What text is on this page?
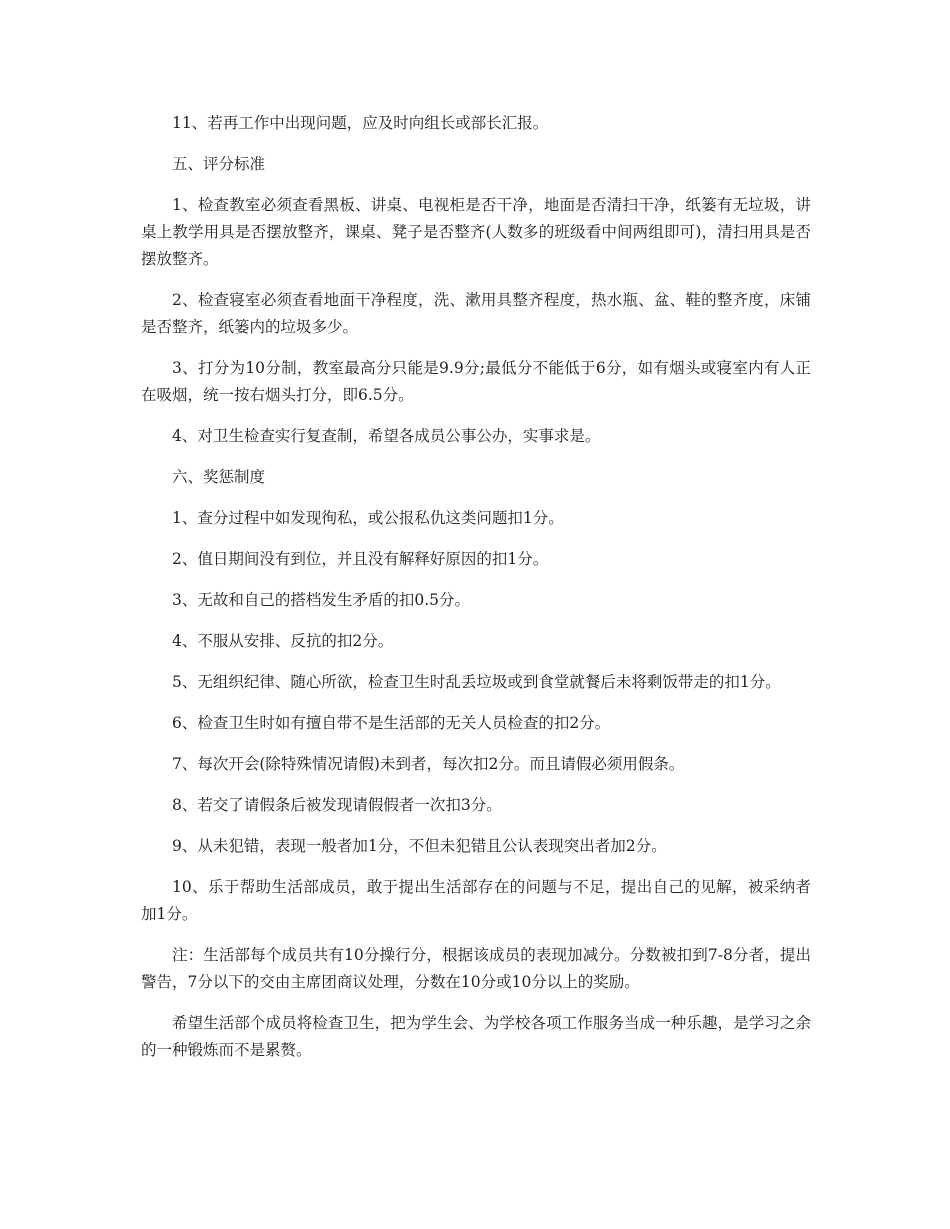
11、若再工作中出现问题，应及时向组长或部长汇报。

五、评分标准

1、检查教室必须查看黑板、讲桌、电视柜是否干净，地面是否清扫干净，纸篓有无垃圾，讲桌上教学用具是否摆放整齐，课桌、凳子是否整齐(人数多的班级看中间两组即可)，清扫用具是否摆放整齐。

2、检查寝室必须查看地面干净程度，洗、漱用具整齐程度，热水瓶、盆、鞋的整齐度，床铺是否整齐，纸篓内的垃圾多少。

3、打分为10分制，教室最高分只能是9.9分;最低分不能低于6分，如有烟头或寝室内有人正在吸烟，统一按右烟头打分，即6.5分。

4、对卫生检查实行复查制，希望各成员公事公办，实事求是。

六、奖惩制度

1、查分过程中如发现徇私，或公报私仇这类问题扣1分。

2、值日期间没有到位，并且没有解释好原因的扣1分。

3、无故和自己的搭档发生矛盾的扣0.5分。

4、不服从安排、反抗的扣2分。

5、无组织纪律、随心所欲，检查卫生时乱丢垃圾或到食堂就餐后未将剩饭带走的扣1分。

6、检查卫生时如有擅自带不是生活部的无关人员检查的扣2分。

7、每次开会(除特殊情况请假)未到者，每次扣2分。而且请假必须用假条。

8、若交了请假条后被发现请假假者一次扣3分。

9、从未犯错，表现一般者加1分，不但未犯错且公认表现突出者加2分。

10、乐于帮助生活部成员，敢于提出生活部存在的问题与不足，提出自己的见解，被采纳者加1分。

注：生活部每个成员共有10分操行分，根据该成员的表现加减分。分数被扣到7-8分者，提出警告，7分以下的交由主席团商议处理，分数在10分或10分以上的奖励。

希望生活部个成员将检查卫生，把为学生会、为学校各项工作服务当成一种乐趣，是学习之余的一种锻炼而不是累赘。
